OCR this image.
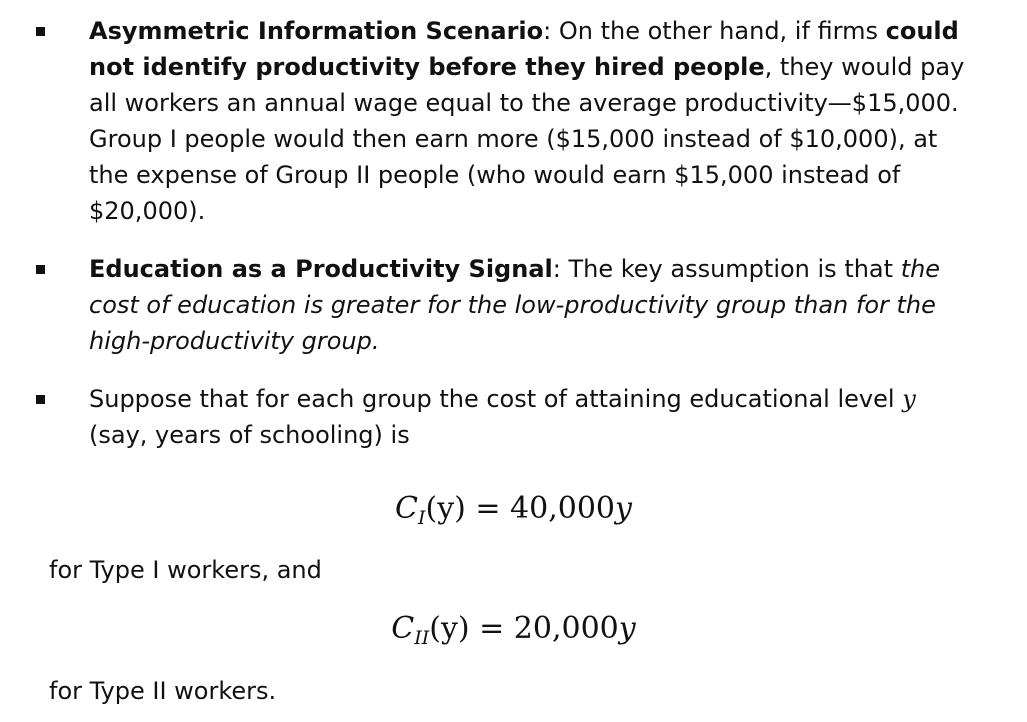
Asymmetric Information Scenario: On the other hand, if firms could not identify productivity before they hired people, they would pay all workers an annual wage equal to the average productivity—$15,000. Group I people would then earn more ($15,000 instead of $10,000), at the expense of Group II people (who would earn $15,000 instead of $20,000).
Education as a Productivity Signal: The key assumption is that the cost of education is greater for the low-productivity group than for the high-productivity group.
Suppose that for each group the cost of attaining educational level y (say, years of schooling) is
$C_I(y) = 40,000y$
for Type I workers, and
$C_{II}(y) = 20,000y$
for Type II workers.
